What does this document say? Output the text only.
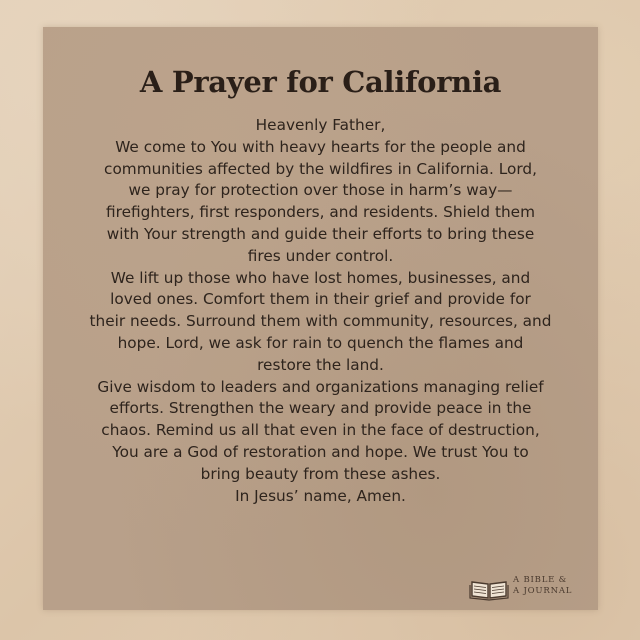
A Prayer for California
Heavenly Father,
We come to You with heavy hearts for the people and
communities affected by the wildfires in California. Lord,
we pray for protection over those in harm’s way—
firefighters, first responders, and residents. Shield them
with Your strength and guide their efforts to bring these
fires under control.
We lift up those who have lost homes, businesses, and
loved ones. Comfort them in their grief and provide for
their needs. Surround them with community, resources, and
hope. Lord, we ask for rain to quench the flames and
restore the land.
Give wisdom to leaders and organizations managing relief
efforts. Strengthen the weary and provide peace in the
chaos. Remind us all that even in the face of destruction,
You are a God of restoration and hope. We trust You to
bring beauty from these ashes.
In Jesus’ name, Amen.
A BIBLE &
A JOURNAL
